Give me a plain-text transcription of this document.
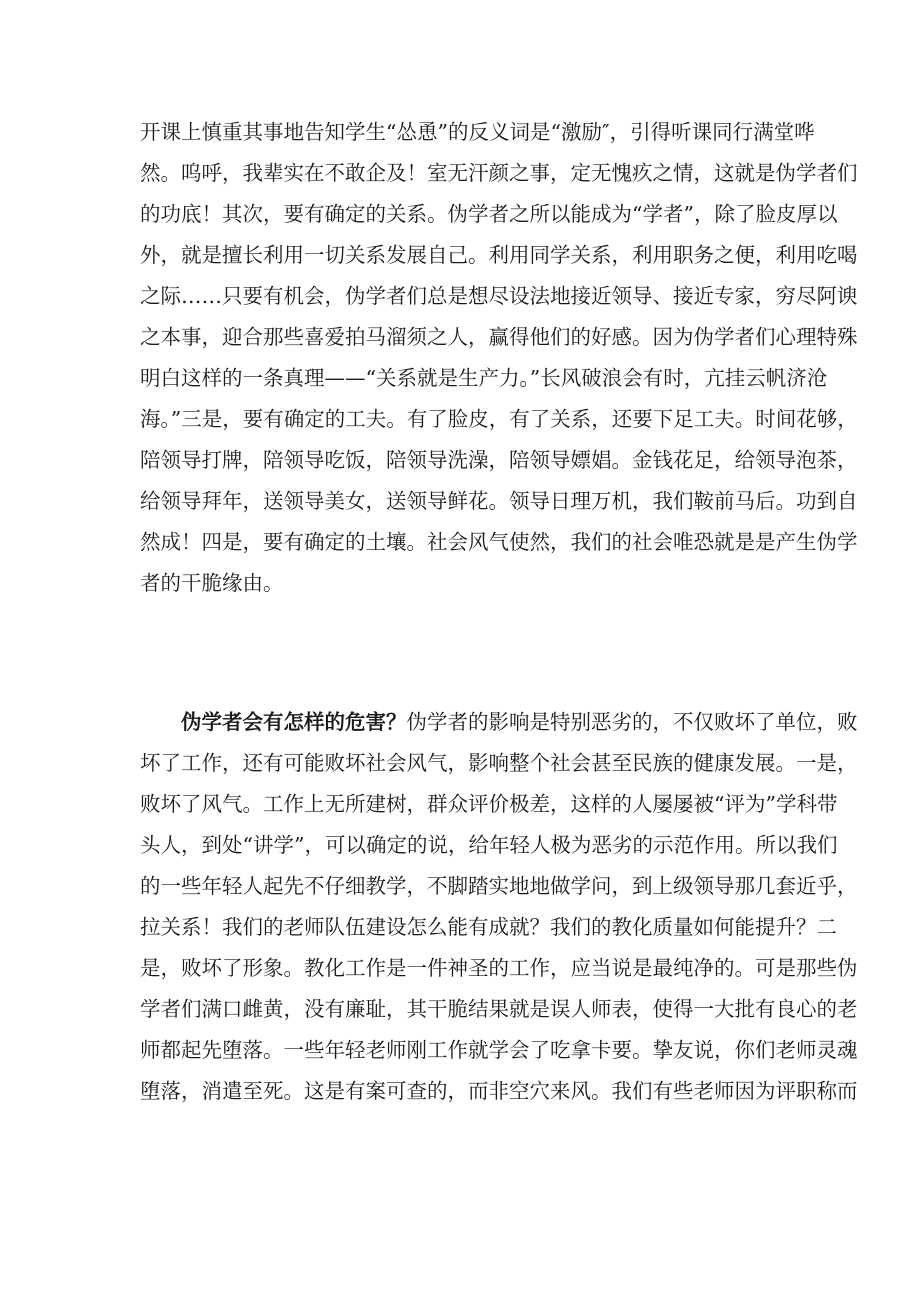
开课上慎重其事地告知学生“怂恿”的反义词是“激励″，引得听课同行满堂哗
然。呜呼，我辈实在不敢企及！室无汗颜之事，定无愧疚之情，这就是伪学者们
的功底！其次，要有确定的关系。伪学者之所以能成为“学者”，除了脸皮厚以
外，就是擅长利用一切关系发展自己。利用同学关系，利用职务之便，利用吃喝
之际……只要有机会，伪学者们总是想尽设法地接近领导、接近专家，穷尽阿谀
之本事，迎合那些喜爱拍马溜须之人，赢得他们的好感。因为伪学者们心理特殊
明白这样的一条真理——“关系就是生产力。”长风破浪会有时，亢挂云帆济沧
海。”三是，要有确定的工夫。有了脸皮，有了关系，还要下足工夫。时间花够，
陪领导打牌，陪领导吃饭，陪领导洗澡，陪领导嫖娼。金钱花足，给领导泡茶，
给领导拜年，送领导美女，送领导鲜花。领导日理万机，我们鞍前马后。功到自
然成！四是，要有确定的土壤。社会风气使然，我们的社会唯恐就是是产生伪学
者的干脆缘由。
伪学者会有怎样的危害？伪学者的影响是特别恶劣的，不仅败坏了单位，败
坏了工作，还有可能败坏社会风气，影响整个社会甚至民族的健康发展。一是，
败坏了风气。工作上无所建树，群众评价极差，这样的人屡屡被“评为”学科带
头人，到处“讲学”，可以确定的说，给年轻人极为恶劣的示范作用。所以我们
的一些年轻人起先不仔细教学，不脚踏实地地做学问，到上级领导那几套近乎，
拉关系！我们的老师队伍建设怎么能有成就？我们的教化质量如何能提升？二
是，败坏了形象。教化工作是一件神圣的工作，应当说是最纯净的。可是那些伪
学者们满口雌黄，没有廉耻，其干脆结果就是误人师表，使得一大批有良心的老
师都起先堕落。一些年轻老师刚工作就学会了吃拿卡要。挚友说，你们老师灵魂
堕落，消遣至死。这是有案可查的，而非空穴来风。我们有些老师因为评职称而
